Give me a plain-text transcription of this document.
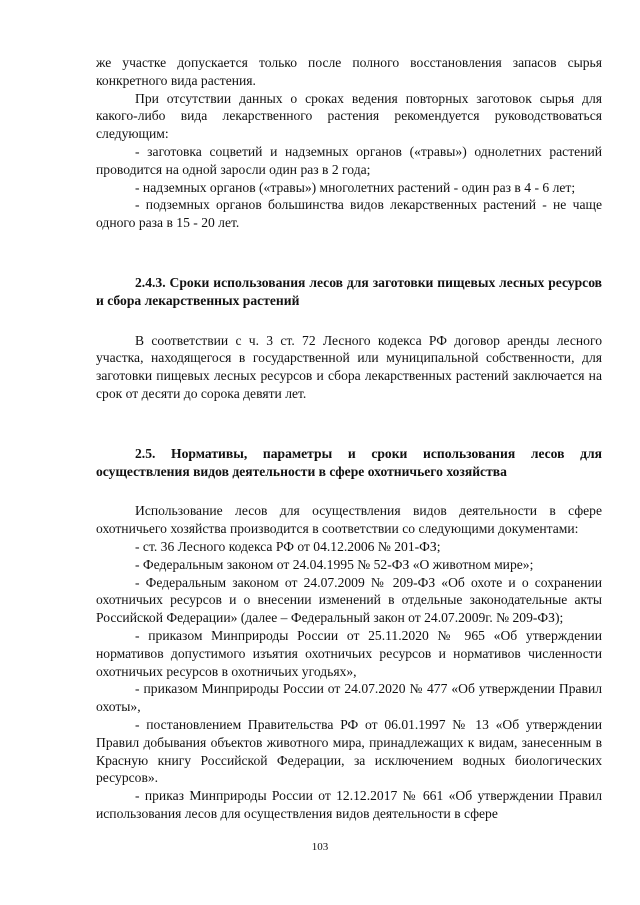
же участке допускается только после полного восстановления запасов сырья конкретного вида растения.

При отсутствии данных о сроках ведения повторных заготовок сырья для какого-либо вида лекарственного растения рекомендуется руководствоваться следующим:

- заготовка соцветий и надземных органов («травы») однолетних растений проводится на одной заросли один раз в 2 года;

- надземных органов («травы») многолетних растений - один раз в 4 - 6 лет;

- подземных органов большинства видов лекарственных растений - не чаще одного раза в 15 - 20 лет.

2.4.3. Сроки использования лесов для заготовки пищевых лесных ресурсов и сбора лекарственных растений

В соответствии с ч. 3 ст. 72 Лесного кодекса РФ договор аренды лесного участка, находящегося в государственной или муниципальной собственности, для заготовки пищевых лесных ресурсов и сбора лекарственных растений заключается на срок от десяти до сорока девяти лет.

2.5. Нормативы, параметры и сроки использования лесов для осуществления видов деятельности в сфере охотничьего хозяйства

Использование лесов для осуществления видов деятельности в сфере охотничьего хозяйства производится в соответствии со следующими документами:

- ст. 36 Лесного кодекса РФ от 04.12.2006 № 201-ФЗ;

- Федеральным законом от 24.04.1995 № 52-ФЗ «О животном мире»;

- Федеральным законом от 24.07.2009 № 209-ФЗ «Об охоте и о сохранении охотничьих ресурсов и о внесении изменений в отдельные законодательные акты Российской Федерации» (далее – Федеральный закон от 24.07.2009г. № 209-ФЗ);

- приказом Минприроды России от 25.11.2020 № 965 «Об утверждении нормативов допустимого изъятия охотничьих ресурсов и нормативов численности охотничьих ресурсов в охотничьих угодьях»,

- приказом Минприроды России от 24.07.2020 № 477 «Об утверждении Правил охоты»,

- постановлением Правительства РФ от 06.01.1997 № 13 «Об утверждении Правил добывания объектов животного мира, принадлежащих к видам, занесенным в Красную книгу Российской Федерации, за исключением водных биологических ресурсов».

- приказ Минприроды России от 12.12.2017 № 661 «Об утверждении Правил использования лесов для осуществления видов деятельности в сфере

103
